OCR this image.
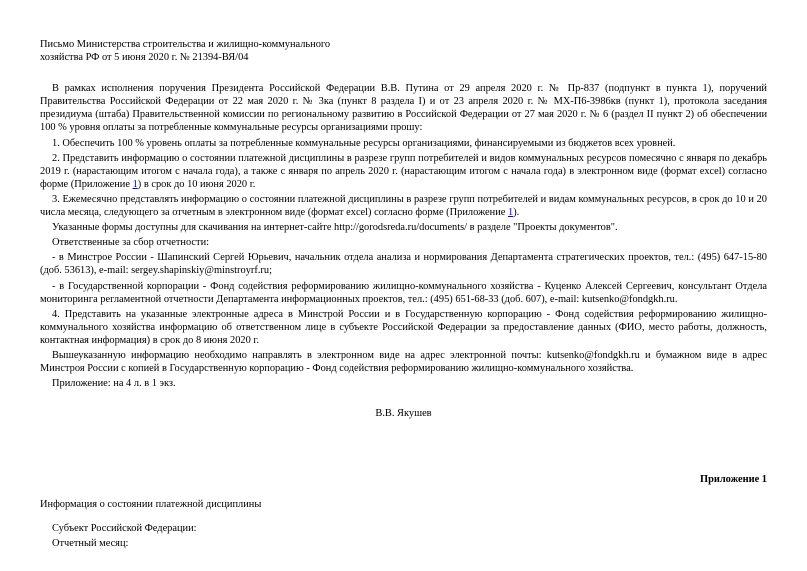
Письмо Министерства строительства и жилищно-коммунального
хозяйства РФ от 5 июня 2020 г. № 21394-ВЯ/04

В рамках исполнения поручения Президента Российской Федерации В.В. Путина от 29 апреля 2020 г. № Пр-837 (подпункт в пункта 1), поручений Правительства Российской Федерации от 22 мая 2020 г. № 3ка (пункт 8 раздела I) и от 23 апреля 2020 г. № МХ-П6-3986кв (пункт 1), протокола заседания президиума (штаба) Правительственной комиссии по региональному развитию в Российской Федерации от 27 мая 2020 г. № 6 (раздел II пункт 2) об обеспечении 100 % уровня оплаты за потребленные коммунальные ресурсы организациями прошу:

1. Обеспечить 100 % уровень оплаты за потребленные коммунальные ресурсы организациями, финансируемыми из бюджетов всех уровней.

2. Представить информацию о состоянии платежной дисциплины в разрезе групп потребителей и видов коммунальных ресурсов помесячно с января по декабрь 2019 г. (нарастающим итогом с начала года), а также с января по апрель 2020 г. (нарастающим итогом с начала года) в электронном виде (формат excel) согласно форме (Приложение 1) в срок до 10 июня 2020 г.

3. Ежемесячно представлять информацию о состоянии платежной дисциплины в разрезе групп потребителей и видам коммунальных ресурсов, в срок до 10 и 20 числа месяца, следующего за отчетным в электронном виде (формат excel) согласно форме (Приложение 1).

Указанные формы доступны для скачивания на интернет-сайте http://gorodsreda.ru/documents/ в разделе "Проекты документов".

Ответственные за сбор отчетности:

- в Минстрое России - Шапинский Сергей Юрьевич, начальник отдела анализа и нормирования Департамента стратегических проектов, тел.: (495) 647-15-80 (доб. 53613), e-mail: sergey.shapinskiy@minstroyrf.ru;

- в Государственной корпорации - Фонд содействия реформированию жилищно-коммунального хозяйства - Куценко Алексей Сергеевич, консультант Отдела мониторинга регламентной отчетности Департамента информационных проектов, тел.: (495) 651-68-33 (доб. 607), e-mail: kutsenko@fondgkh.ru.

4. Представить на указанные электронные адреса в Минстрой России и в Государственную корпорацию - Фонд содействия реформированию жилищно-коммунального хозяйства информацию об ответственном лице в субъекте Российской Федерации за предоставление данных (ФИО, место работы, должность, контактная информация) в срок до 8 июня 2020 г.

Вышеуказанную информацию необходимо направлять в электронном виде на адрес электронной почты: kutsenko@fondgkh.ru и бумажном виде в адрес Минстроя России с копией в Государственную корпорацию - Фонд содействия реформированию жилищно-коммунального хозяйства.

Приложение: на 4 л. в 1 экз.

В.В. Якушев
Приложение 1
Информация о состоянии платежной дисциплины
Субъект Российской Федерации:
Отчетный месяц:
